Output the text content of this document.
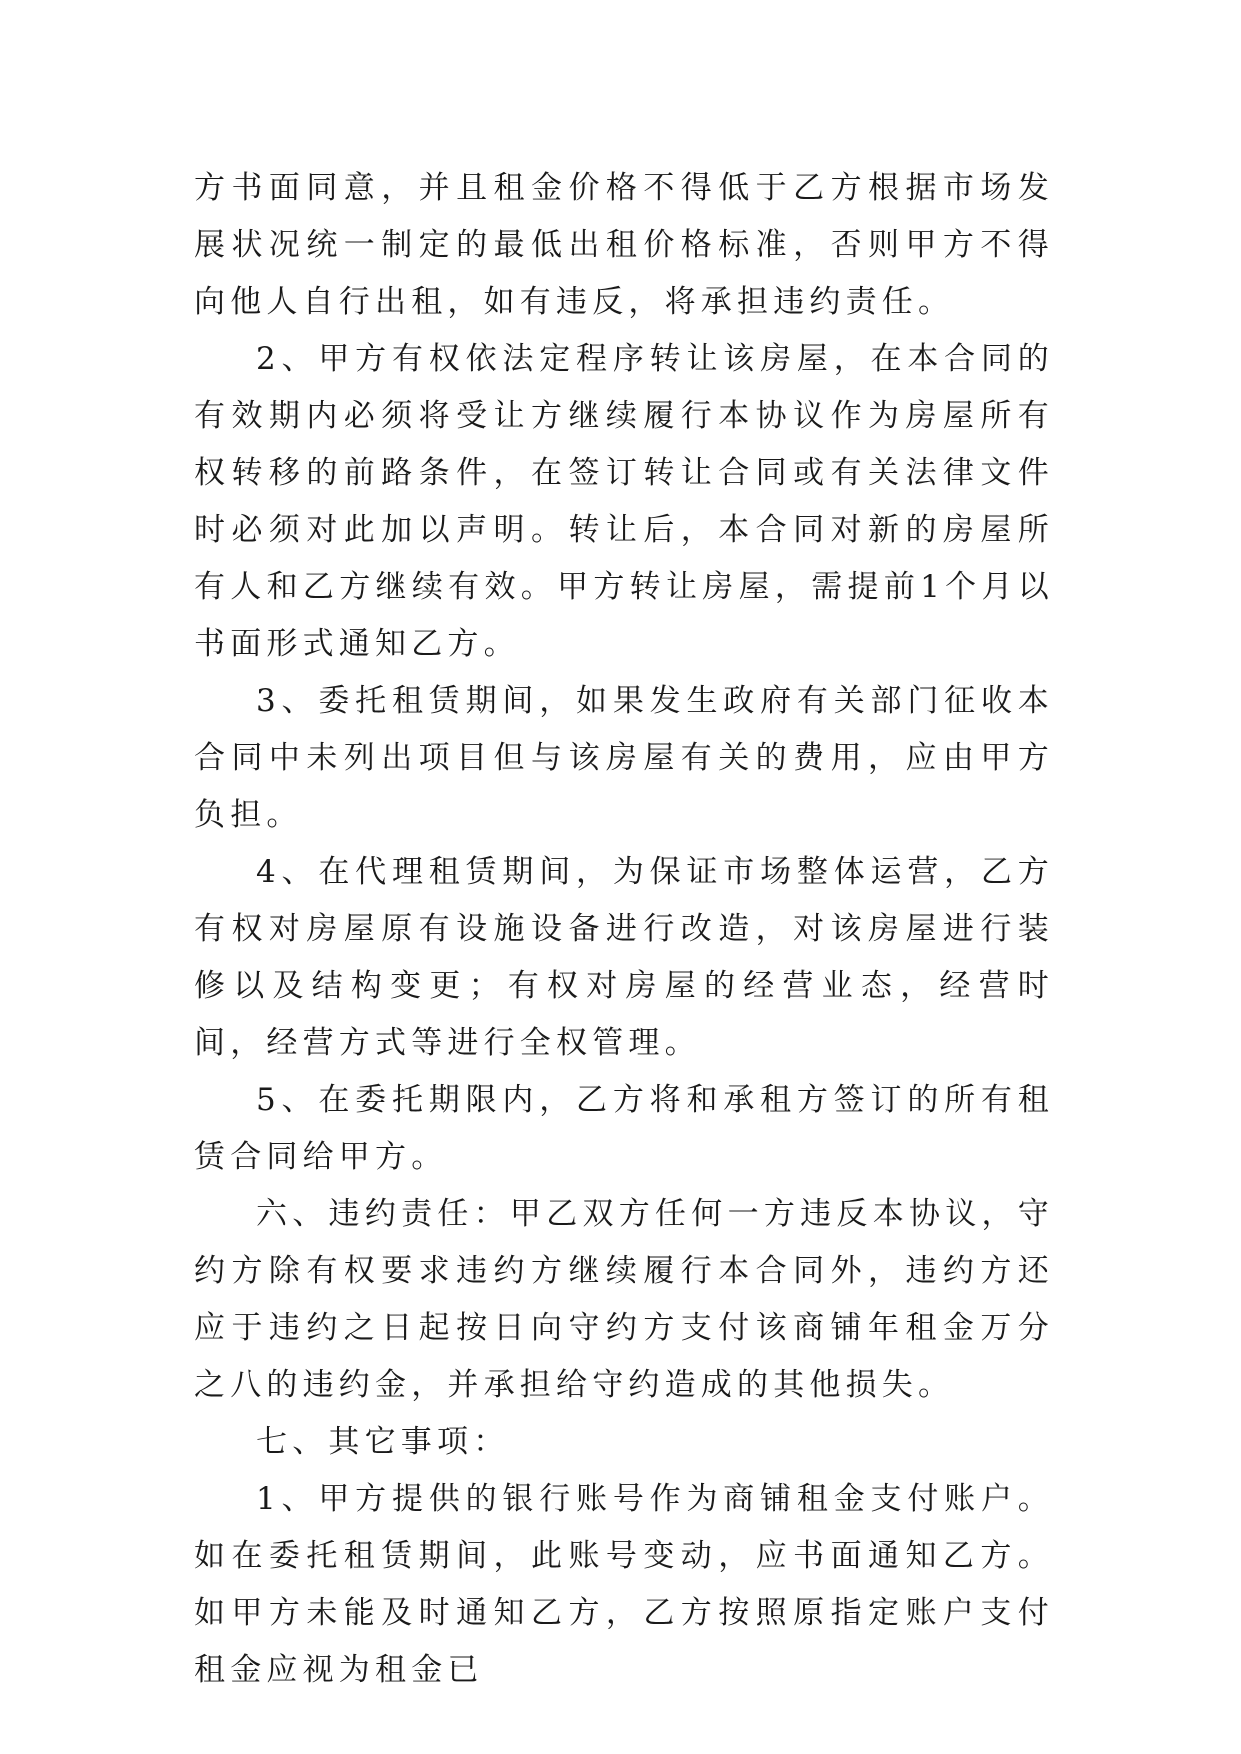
方书面同意，并且租金价格不得低于乙方根据市场发展状况统一制定的最低出租价格标准，否则甲方不得向他人自行出租，如有违反，将承担违约责任。

2、甲方有权依法定程序转让该房屋，在本合同的有效期内必须将受让方继续履行本协议作为房屋所有权转移的前路条件，在签订转让合同或有关法律文件时必须对此加以声明。转让后，本合同对新的房屋所有人和乙方继续有效。甲方转让房屋，需提前1个月以书面形式通知乙方。

3、委托租赁期间，如果发生政府有关部门征收本合同中未列出项目但与该房屋有关的费用，应由甲方负担。

4、在代理租赁期间，为保证市场整体运营，乙方有权对房屋原有设施设备进行改造，对该房屋进行装修以及结构变更；有权对房屋的经营业态，经营时间，经营方式等进行全权管理。

5、在委托期限内，乙方将和承租方签订的所有租赁合同给甲方。

六、违约责任：甲乙双方任何一方违反本协议，守约方除有权要求违约方继续履行本合同外，违约方还应于违约之日起按日向守约方支付该商铺年租金万分之八的违约金，并承担给守约造成的其他损失。

七、其它事项：

1、甲方提供的银行账号作为商铺租金支付账户。如在委托租赁期间，此账号变动，应书面通知乙方。如甲方未能及时通知乙方，乙方按照原指定账户支付租金应视为租金已
